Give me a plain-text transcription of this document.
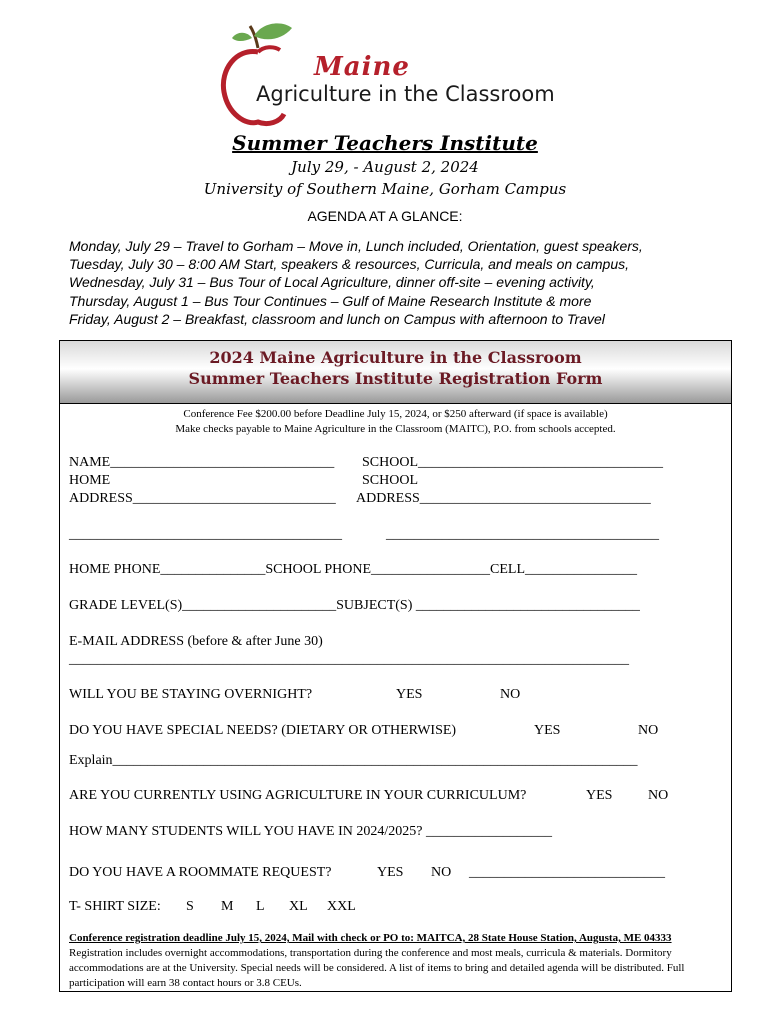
Maine
Agriculture in the Classroom
Summer Teachers Institute
July 29, - August 2, 2024
University of Southern Maine, Gorham Campus
AGENDA AT A GLANCE:
Monday, July 29 – Travel to Gorham – Move in, Lunch included, Orientation, guest speakers,
Tuesday, July 30 – 8:00 AM Start, speakers & resources, Curricula, and meals on campus,
Wednesday, July 31 – Bus Tour of Local Agriculture, dinner off-site – evening activity,
Thursday, August 1 – Bus Tour Continues – Gulf of Maine Research Institute & more
Friday, August 2 – Breakfast, classroom and lunch on Campus with afternoon to Travel
2024 Maine Agriculture in the Classroom
Summer Teachers Institute Registration Form
Conference Fee $200.00 before Deadline July 15, 2024, or $250 afterward (if space is available)
Make checks payable to Maine Agriculture in the Classroom (MAITC), P.O. from schools accepted.
NAME________________________________ SCHOOL___________________________________
HOME	SCHOOL
ADDRESS_____________________________ ADDRESS_________________________________
_______________________________________	_______________________________________
HOME PHONE_______________SCHOOL PHONE_________________CELL________________
GRADE LEVEL(S)______________________SUBJECT(S) ________________________________
E-MAIL ADDRESS (before & after June 30)
________________________________________________________________________________
WILL YOU BE STAYING OVERNIGHT?	YES	NO
DO YOU HAVE SPECIAL NEEDS? (DIETARY OR OTHERWISE)	YES	NO
Explain___________________________________________________________________________
ARE YOU CURRENTLY USING AGRICULTURE IN YOUR CURRICULUM?	YES	NO
HOW MANY STUDENTS WILL YOU HAVE IN 2024/2025? __________________
DO YOU HAVE A ROOMMATE REQUEST?	YES NO ____________________________
T- SHIRT SIZE: S M L XL XXL
Conference registration deadline July 15, 2024, Mail with check or PO to: MAITCA, 28 State House Station, Augusta, ME 04333 Registration includes overnight accommodations, transportation during the conference and most meals, curricula & materials. Dormitory accommodations are at the University. Special needs will be considered. A list of items to bring and detailed agenda will be distributed. Full participation will earn 38 contact hours or 3.8 CEUs.
